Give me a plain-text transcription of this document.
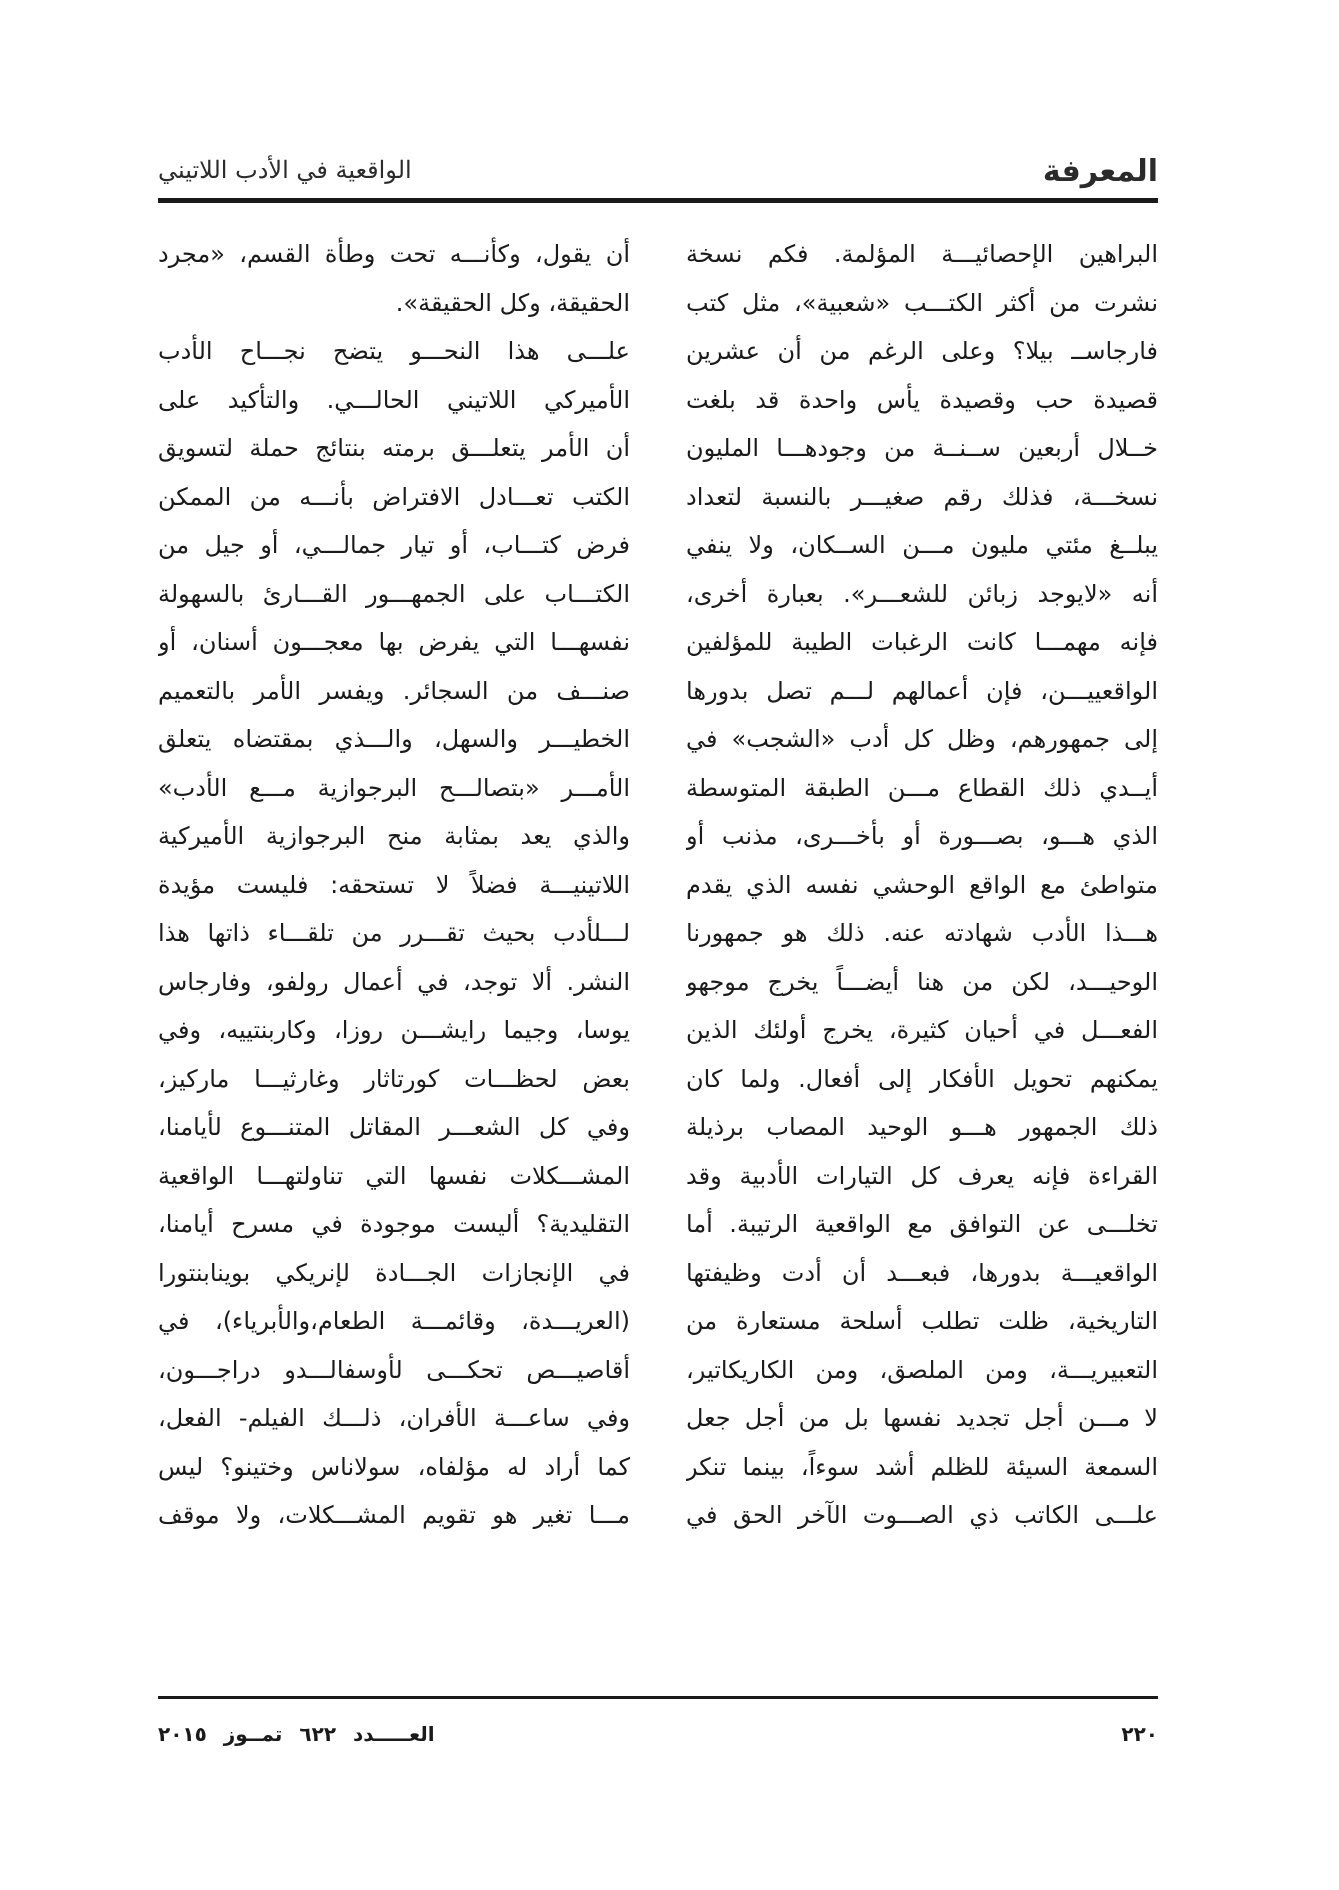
المعرفة
الواقعية في الأدب اللاتيني
البراهين الإحصائيـــة المؤلمة. فكم نسخة
نشرت من أكثر الكتـــب «شعبية»، مثل كتب
فارجاســ بيلا؟ وعلى الرغم من أن عشرين
قصيدة حب وقصيدة يأس واحدة قد بلغت
خــلال أربعين ســنــة من وجودهـــا المليون
نسخـــة، فذلك رقم صغيـــر بالنسبة لتعداد
يبلــغ مئتي مليون مـــن الســكان، ولا ينفي
أنه «لايوجد زبائن للشعـــر». بعبارة أخرى،
فإنه مهمـــا كانت الرغبات الطيبة للمؤلفين
الواقعييـــن، فإن أعمالهم لـــم تصل بدورها
إلى جمهورهم، وظل كل أدب «الشجب» في
أيــدي ذلك القطاع مـــن الطبقة المتوسطة
الذي هـــو، بصـــورة أو بأخـــرى، مذنب أو
متواطئ مع الواقع الوحشي نفسه الذي يقدم
هـــذا الأدب شهادته عنه. ذلك هو جمهورنا
الوحيـــد، لكن من هنا أيضـــاً يخرج موجهو
الفعـــل في أحيان كثيرة، يخرج أولئك الذين
يمكنهم تحويل الأفكار إلى أفعال. ولما كان
ذلك الجمهور هـــو الوحيد المصاب برذيلة
القراءة فإنه يعرف كل التيارات الأدبية وقد
تخلـــى عن التوافق مع الواقعية الرتيبة. أما
الواقعيـــة بدورها، فبعـــد أن أدت وظيفتها
التاريخية، ظلت تطلب أسلحة مستعارة من
التعبيريـــة، ومن الملصق، ومن الكاريكاتير،
لا مـــن أجل تجديد نفسها بل من أجل جعل
السمعة السيئة للظلم أشد سوءاً، بينما تنكر
علـــى الكاتب ذي الصـــوت الآخر الحق في
أن يقول، وكأنـــه تحت وطأة القسم، «مجرد
الحقيقة، وكل الحقيقة».
علـــى هذا النحـــو يتضح نجـــاح الأدب
الأميركي اللاتيني الحالـــي. والتأكيد على
أن الأمر يتعلـــق برمته بنتائج حملة لتسويق
الكتب تعـــادل الافتراض بأنـــه من الممكن
فرض كتـــاب، أو تيار جمالـــي، أو جيل من
الكتـــاب على الجمهـــور القـــارئ بالسهولة
نفسهـــا التي يفرض بها معجـــون أسنان، أو
صنـــف من السجائر. ويفسر الأمر بالتعميم
الخطيـــر والسهل، والـــذي بمقتضاه يتعلق
الأمـــر «بتصالـــح البرجوازية مـــع الأدب»
والذي يعد بمثابة منح البرجوازية الأميركية
اللاتينيـــة فضلاً لا تستحقه: فليست مؤيدة
لـــلأدب بحيث تقـــرر من تلقـــاء ذاتها هذا
النشر. ألا توجد، في أعمال رولفو، وفارجاس
يوسا، وجيما رايشـــن روزا، وكاربنتييه، وفي
بعض لحظـــات كورتاثار وغارثيـــا ماركيز،
وفي كل الشعـــر المقاتل المتنـــوع لأيامنا،
المشـــكلات نفسها التي تناولتهـــا الواقعية
التقليدية؟ أليست موجودة في مسرح أيامنا،
في الإنجازات الجـــادة لإنريكي بوينابنتورا
(العريـــدة، وقائمـــة الطعام،والأبرياء)، في
أقاصيـــص تحكـــى لأوسفالـــدو دراجـــون،
وفي ساعـــة الأفران، ذلـــك الفيلم- الفعل،
كما أراد له مؤلفاه، سولاناس وختينو؟ ليس
مـــا تغير هو تقويم المشـــكلات، ولا موقف
٢٢٠
العـــــدد ٦٢٢ تمــوز ٢٠١٥
